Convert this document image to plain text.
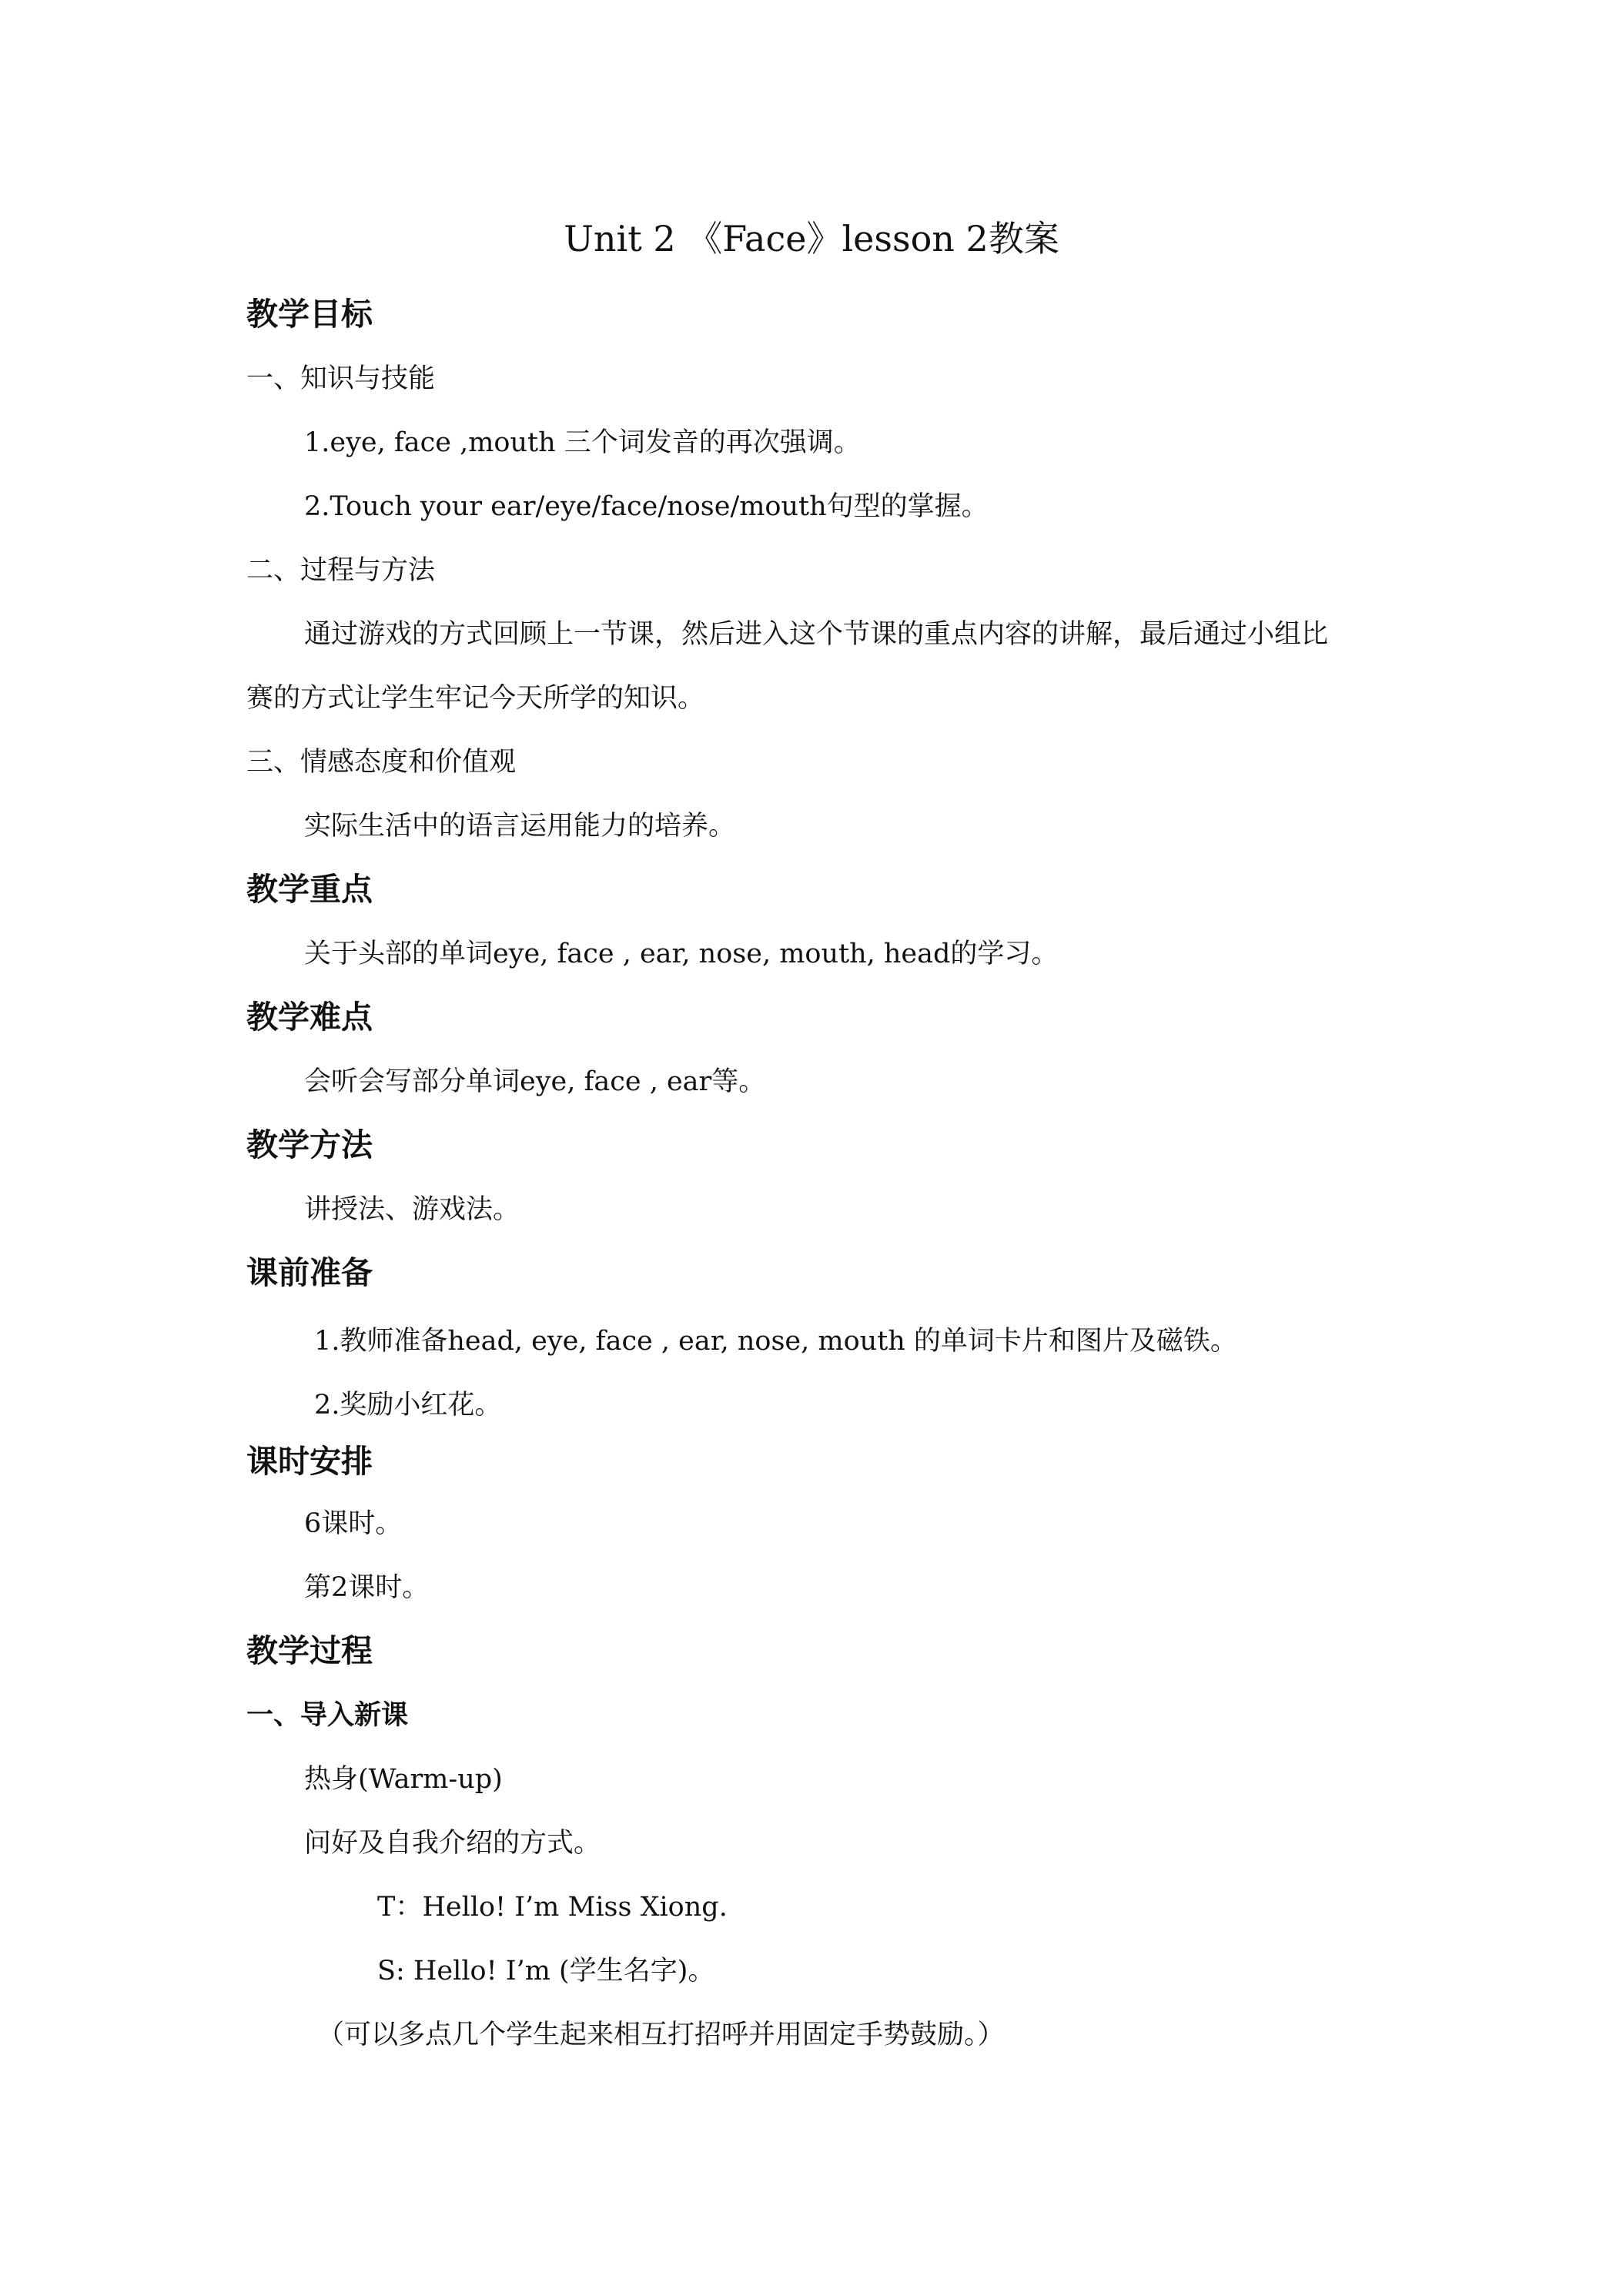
Unit 2 《Face》lesson 2教案
教学目标
一、知识与技能
1.eye, face ,mouth 三个词发音的再次强调。
2.Touch your ear/eye/face/nose/mouth句型的掌握。
二、过程与方法
通过游戏的方式回顾上一节课，然后进入这个节课的重点内容的讲解，最后通过小组比
赛的方式让学生牢记今天所学的知识。
三、情感态度和价值观
实际生活中的语言运用能力的培养。
教学重点
关于头部的单词eye, face , ear, nose, mouth, head的学习。
教学难点
会听会写部分单词eye, face , ear等。
教学方法
讲授法、游戏法。
课前准备
1.教师准备head, eye, face , ear, nose, mouth 的单词卡片和图片及磁铁。
2.奖励小红花。
课时安排
6课时。
第2课时。
教学过程
一、导入新课
热身(Warm-up)
问好及自我介绍的方式。
T：Hello! I’m Miss Xiong.
S: Hello! I’m (学生名字)。
（可以多点几个学生起来相互打招呼并用固定手势鼓励。）
